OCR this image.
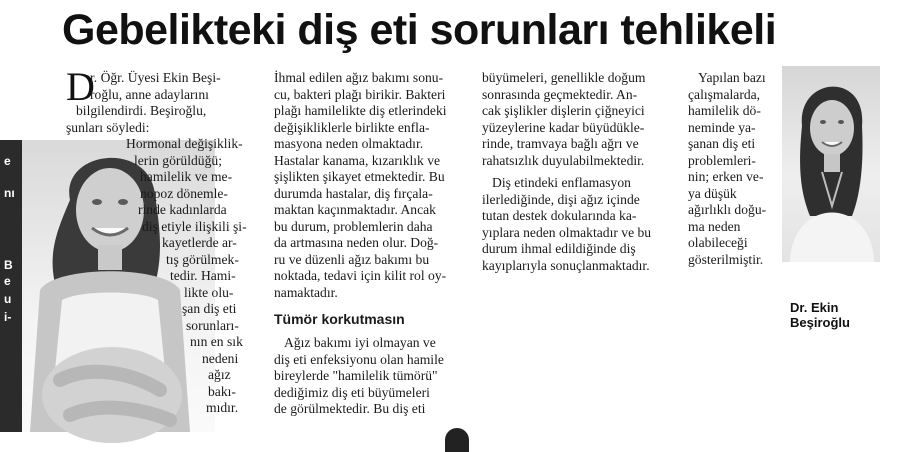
Gebelikteki diş eti sorunları tehlikeli
e
nı
B
e
u
i-
D
r. Öğr. Üyesi Ekin Beşi-
roğlu, anne adaylarını
bilgilendirdi. Beşiroğlu,
şunları söyledi:
Hormonal değişiklik-
lerin görüldüğü;
hamilelik ve me-
nopoz dönemle-
rinde kadınlarda
diş etiyle ilişkili şi-
kayetlerde ar-
tış görülmek-
tedir. Hami-
likte olu-
şan diş eti
sorunları-
nın en sık
nedeni
ağız
bakı-
mıdır.
İhmal edilen ağız bakımı sonu-
cu, bakteri plağı birikir. Bakteri
plağı hamilelikte diş etlerindeki
değişikliklerle birlikte enfla-
masyona neden olmaktadır.
Hastalar kanama, kızarıklık ve
şişlikten şikayet etmektedir. Bu
durumda hastalar, diş fırçala-
maktan kaçınmaktadır. Ancak
bu durum, problemlerin daha
da artmasına neden olur. Doğ-
ru ve düzenli ağız bakımı bu
noktada, tedavi için kilit rol oy-
namaktadır.
Tümör korkutmasın
Ağız bakımı iyi olmayan ve
diş eti enfeksiyonu olan hamile
bireylerde "hamilelik tümörü"
dediğimiz diş eti büyümeleri
de görülmektedir. Bu diş eti
büyümeleri, genellikle doğum
sonrasında geçmektedir. An-
cak şişlikler dişlerin çiğneyici
yüzeylerine kadar büyüdükle-
rinde, tramvaya bağlı ağrı ve
rahatsızlık duyulabilmektedir.
Diş etindeki enflamasyon
ilerlediğinde, dişi ağız içinde
tutan destek dokularında ka-
yıplara neden olmaktadır ve bu
durum ihmal edildiğinde diş
kayıplarıyla sonuçlanmaktadır.
Yapılan bazı
çalışmalarda,
hamilelik dö-
neminde ya-
şanan diş eti
problemleri-
nin; erken ve-
ya düşük
ağırlıklı doğu-
ma neden
olabileceği
gösterilmiştir.
Dr. Ekin
Beşiroğlu
